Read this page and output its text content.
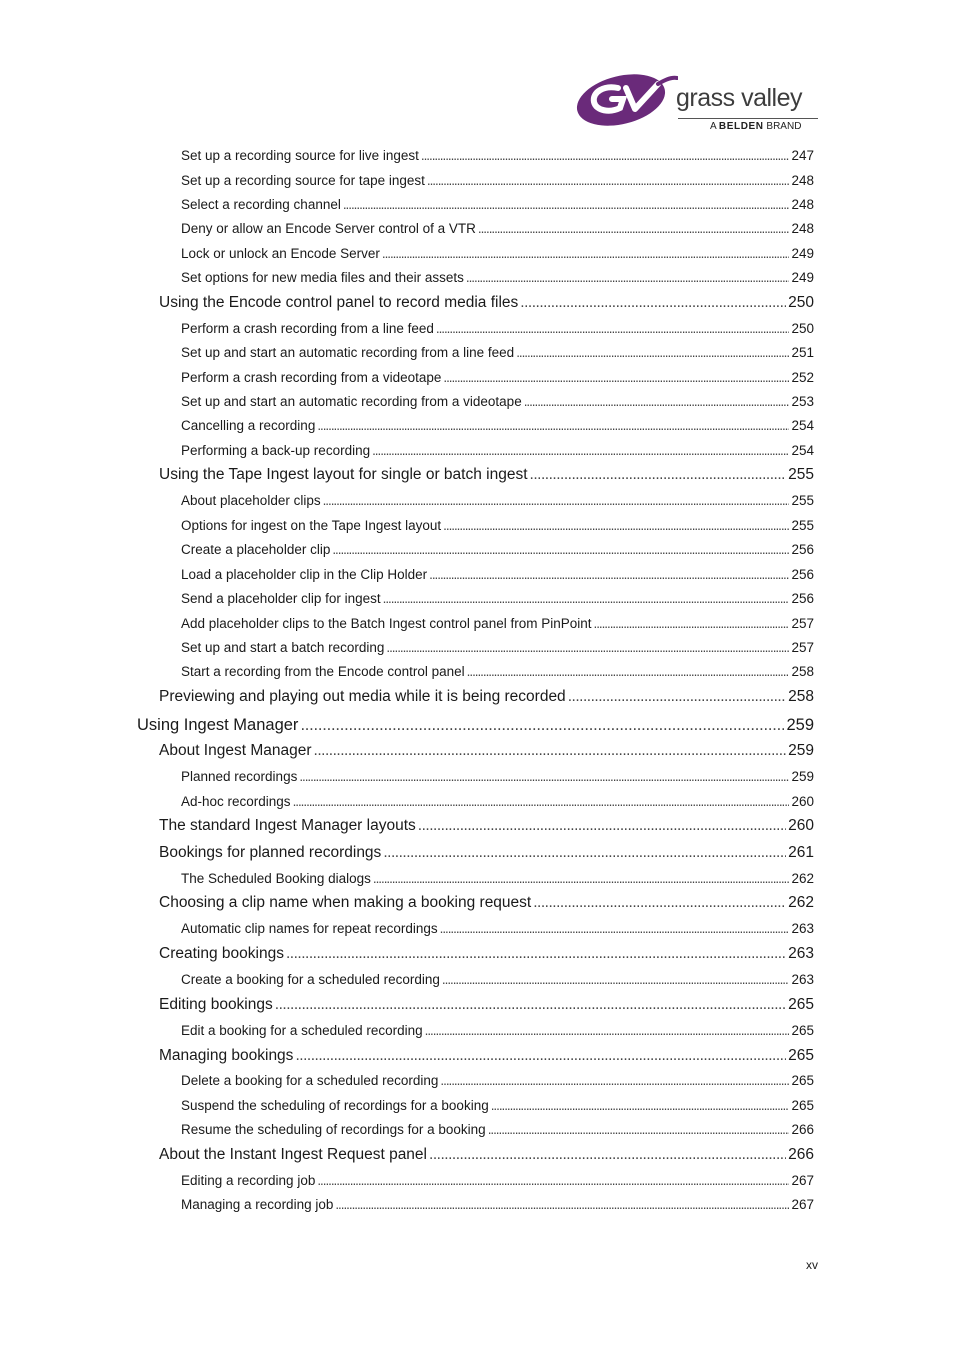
grass valley
A BELDEN BRAND
Set up a recording source for live ingest . . .	247
Set up a recording source for tape ingest . . .	248
Select a recording channel . . .	248
Deny or allow an Encode Server control of a VTR . . .	248
Lock or unlock an Encode Server . . .	249
Set options for new media files and their assets . . .	249
Using the Encode control panel to record media files . . .	250
Perform a crash recording from a line feed . . .	250
Set up and start an automatic recording from a line feed . . .	251
Perform a crash recording from a videotape . . .	252
Set up and start an automatic recording from a videotape . . .	253
Cancelling a recording . . .	254
Performing a back-up recording . . .	254
Using the Tape Ingest layout for single or batch ingest . . .	255
About placeholder clips . . .	255
Options for ingest on the Tape Ingest layout . . .	255
Create a placeholder clip . . .	256
Load a placeholder clip in the Clip Holder . . .	256
Send a placeholder clip for ingest . . .	256
Add placeholder clips to the Batch Ingest control panel from PinPoint . . .	257
Set up and start a batch recording . . .	257
Start a recording from the Encode control panel . . .	258
Previewing and playing out media while it is being recorded . . .	258
Using Ingest Manager . . .	259
About Ingest Manager . . .	259
Planned recordings . . .	259
Ad-hoc recordings . . .	260
The standard Ingest Manager layouts . . .	260
Bookings for planned recordings . . .	261
The Scheduled Booking dialogs . . .	262
Choosing a clip name when making a booking request . . .	262
Automatic clip names for repeat recordings . . .	263
Creating bookings . . .	263
Create a booking for a scheduled recording . . .	263
Editing bookings . . .	265
Edit a booking for a scheduled recording . . .	265
Managing bookings . . .	265
Delete a booking for a scheduled recording . . .	265
Suspend the scheduling of recordings for a booking . . .	265
Resume the scheduling of recordings for a booking . . .	266
About the Instant Ingest Request panel . . .	266
Editing a recording job . . .	267
Managing a recording job . . .	267
xv
